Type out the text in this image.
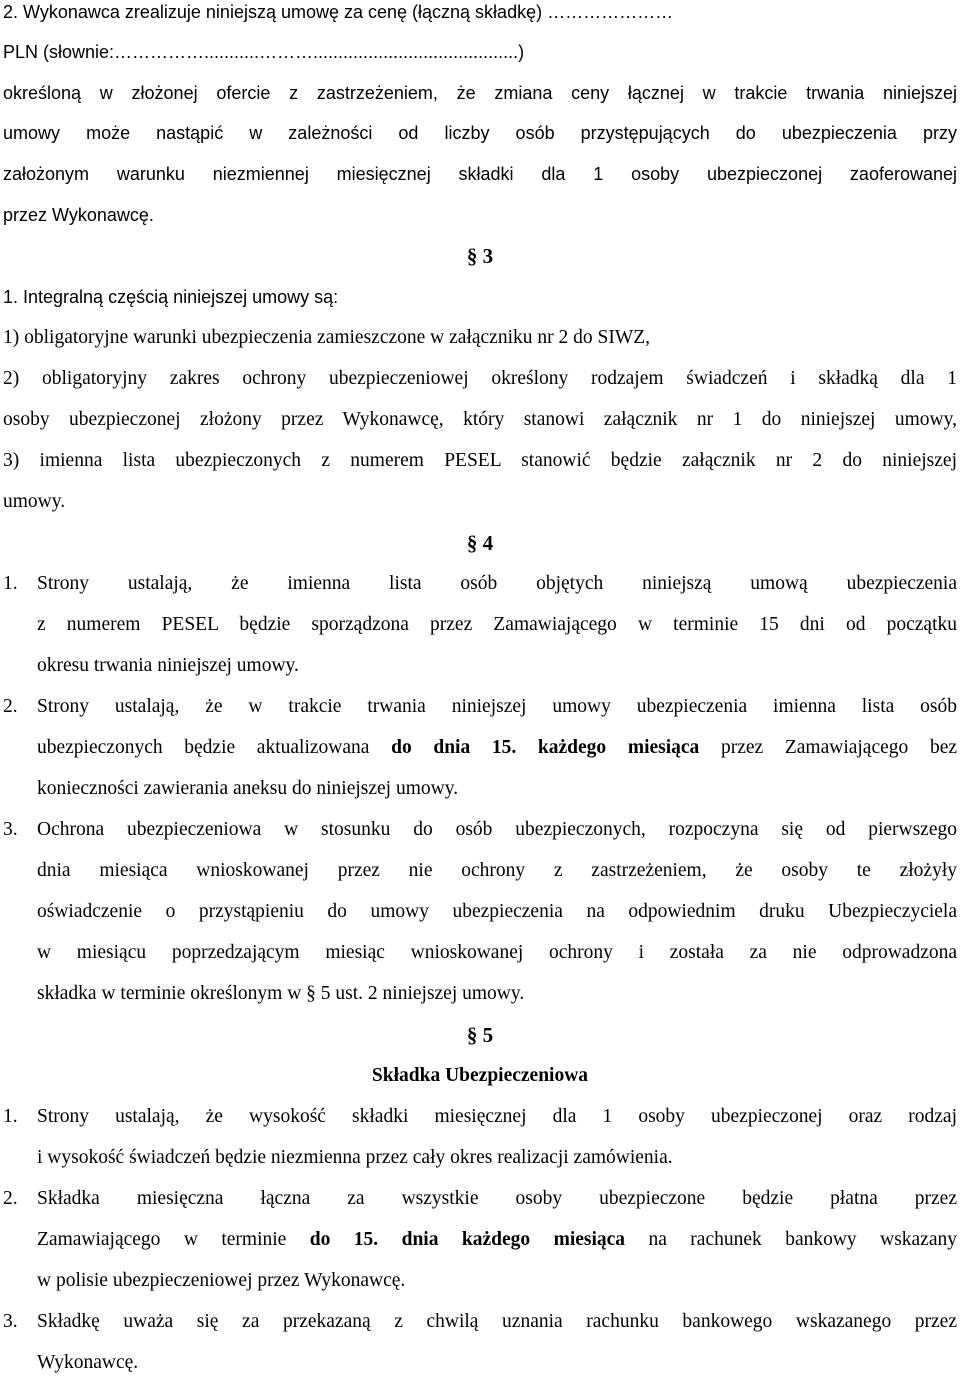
2. Wykonawca zrealizuje niniejszą umowę za cenę (łączną składkę) …………………
PLN (słownie:……………...........……….........................................)
określoną w złożonej ofercie z zastrzeżeniem, że zmiana ceny łącznej w trakcie trwania niniejszej
umowy może nastąpić w zależności od liczby osób przystępujących do ubezpieczenia przy
założonym warunku niezmiennej miesięcznej składki dla 1 osoby ubezpieczonej zaoferowanej
przez Wykonawcę.
§ 3
1. Integralną częścią niniejszej umowy są:
1) obligatoryjne warunki ubezpieczenia zamieszczone w załączniku nr 2 do SIWZ,
2) obligatoryjny zakres ochrony ubezpieczeniowej określony rodzajem świadczeń i składką dla 1
osoby ubezpieczonej złożony przez Wykonawcę, który stanowi załącznik nr 1 do niniejszej umowy,
3) imienna lista ubezpieczonych z numerem PESEL stanowić będzie załącznik nr 2 do niniejszej
umowy.
§ 4
1. Strony ustalają, że imienna lista osób objętych niniejszą umową ubezpieczenia
z numerem PESEL będzie sporządzona przez Zamawiającego w terminie 15 dni od początku
okresu trwania niniejszej umowy.
2. Strony ustalają, że w trakcie trwania niniejszej umowy ubezpieczenia imienna lista osób
ubezpieczonych będzie aktualizowana do dnia 15. każdego miesiąca przez Zamawiającego bez
konieczności zawierania aneksu do niniejszej umowy.
3. Ochrona ubezpieczeniowa w stosunku do osób ubezpieczonych, rozpoczyna się od pierwszego
dnia miesiąca wnioskowanej przez nie ochrony z zastrzeżeniem, że osoby te złożyły
oświadczenie o przystąpieniu do umowy ubezpieczenia na odpowiednim druku Ubezpieczyciela
w miesiącu poprzedzającym miesiąc wnioskowanej ochrony i została za nie odprowadzona
składka w terminie określonym w § 5 ust. 2 niniejszej umowy.
§ 5
Składka Ubezpieczeniowa
1. Strony ustalają, że wysokość składki miesięcznej dla 1 osoby ubezpieczonej oraz rodzaj
i wysokość świadczeń będzie niezmienna przez cały okres realizacji zamówienia.
2. Składka miesięczna łączna za wszystkie osoby ubezpieczone będzie płatna przez
Zamawiającego w terminie do 15. dnia każdego miesiąca na rachunek bankowy wskazany
w polisie ubezpieczeniowej przez Wykonawcę.
3. Składkę uważa się za przekazaną z chwilą uznania rachunku bankowego wskazanego przez
Wykonawcę.
